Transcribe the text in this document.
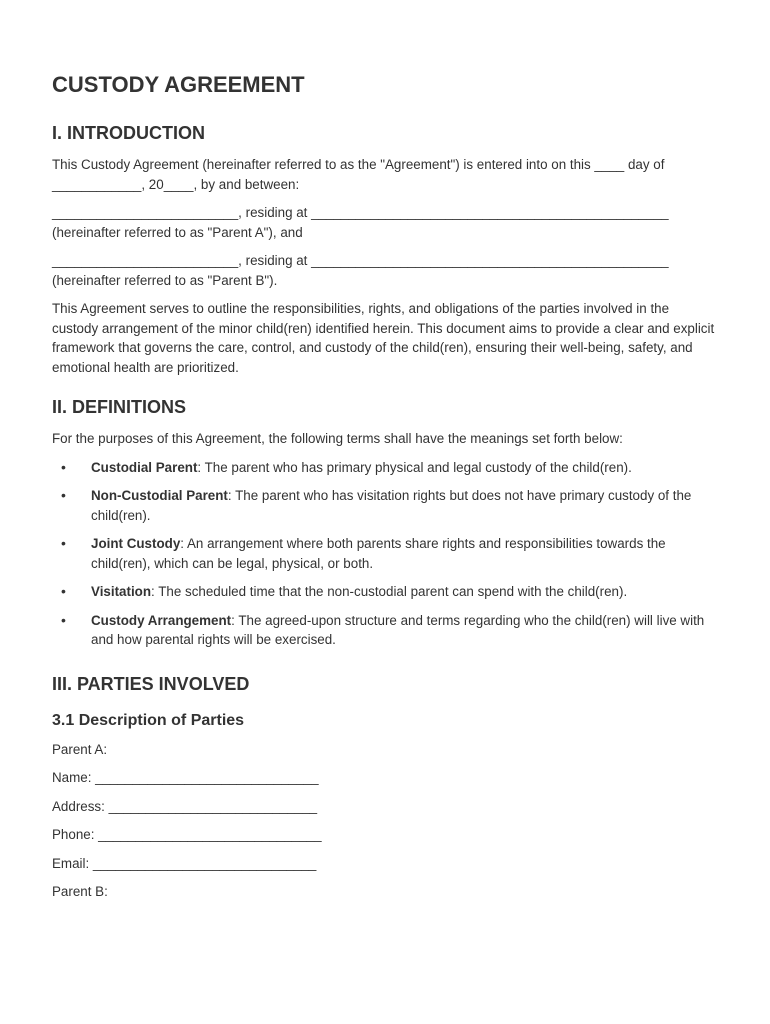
CUSTODY AGREEMENT
I. INTRODUCTION

This Custody Agreement (hereinafter referred to as the "Agreement") is entered into on this ____ day of ____________, 20____, by and between:

_________________________, residing at ________________________________________________ (hereinafter referred to as "Parent A"), and

_________________________, residing at ________________________________________________ (hereinafter referred to as "Parent B").

This Agreement serves to outline the responsibilities, rights, and obligations of the parties involved in the custody arrangement of the minor child(ren) identified herein. This document aims to provide a clear and explicit framework that governs the care, control, and custody of the child(ren), ensuring their well-being, safety, and emotional health are prioritized.

II. DEFINITIONS

For the purposes of this Agreement, the following terms shall have the meanings set forth below:

• Custodial Parent: The parent who has primary physical and legal custody of the child(ren).
• Non-Custodial Parent: The parent who has visitation rights but does not have primary custody of the child(ren).
• Joint Custody: An arrangement where both parents share rights and responsibilities towards the child(ren), which can be legal, physical, or both.
• Visitation: The scheduled time that the non-custodial parent can spend with the child(ren).
• Custody Arrangement: The agreed-upon structure and terms regarding who the child(ren) will live with and how parental rights will be exercised.
III. PARTIES INVOLVED
3.1 Description of Parties

Parent A:

Name: ______________________________

Address: ____________________________

Phone: ______________________________

Email: ______________________________

Parent B:
